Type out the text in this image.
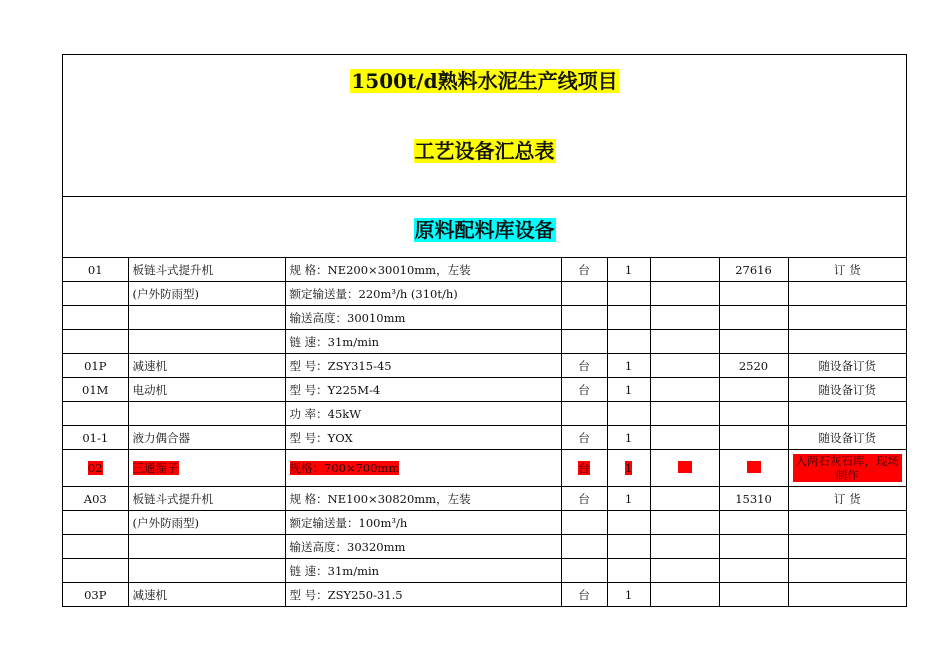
1500t/d熟料水泥生产线项目
工艺设备汇总表
原料配料库设备
01	板链斗式提升机	规 格：NE200×30010mm，左装	台	1		27616	订 货
	(户外防雨型)	额定输送量：220m³/h (310t/h)					
		输送高度：30010mm					
		链 速：31m/min					
01P	减速机	型 号：ZSY315-45	台	1		2520	随设备订货
01M	电动机	型 号：Y225M-4	台	1			随设备订货
		功 率：45kW					
01-1	液力偶合器	型 号：YOX	台	1			随设备订货
02	三通溜子	规格：700×700mm	台	1			入两石灰石库，现场制作
A03	板链斗式提升机	规 格：NE100×30820mm，左装	台	1		15310	订 货
	(户外防雨型)	额定输送量：100m³/h					
		输送高度：30320mm					
		链 速：31m/min					
03P	减速机	型 号：ZSY250-31.5	台	1			
